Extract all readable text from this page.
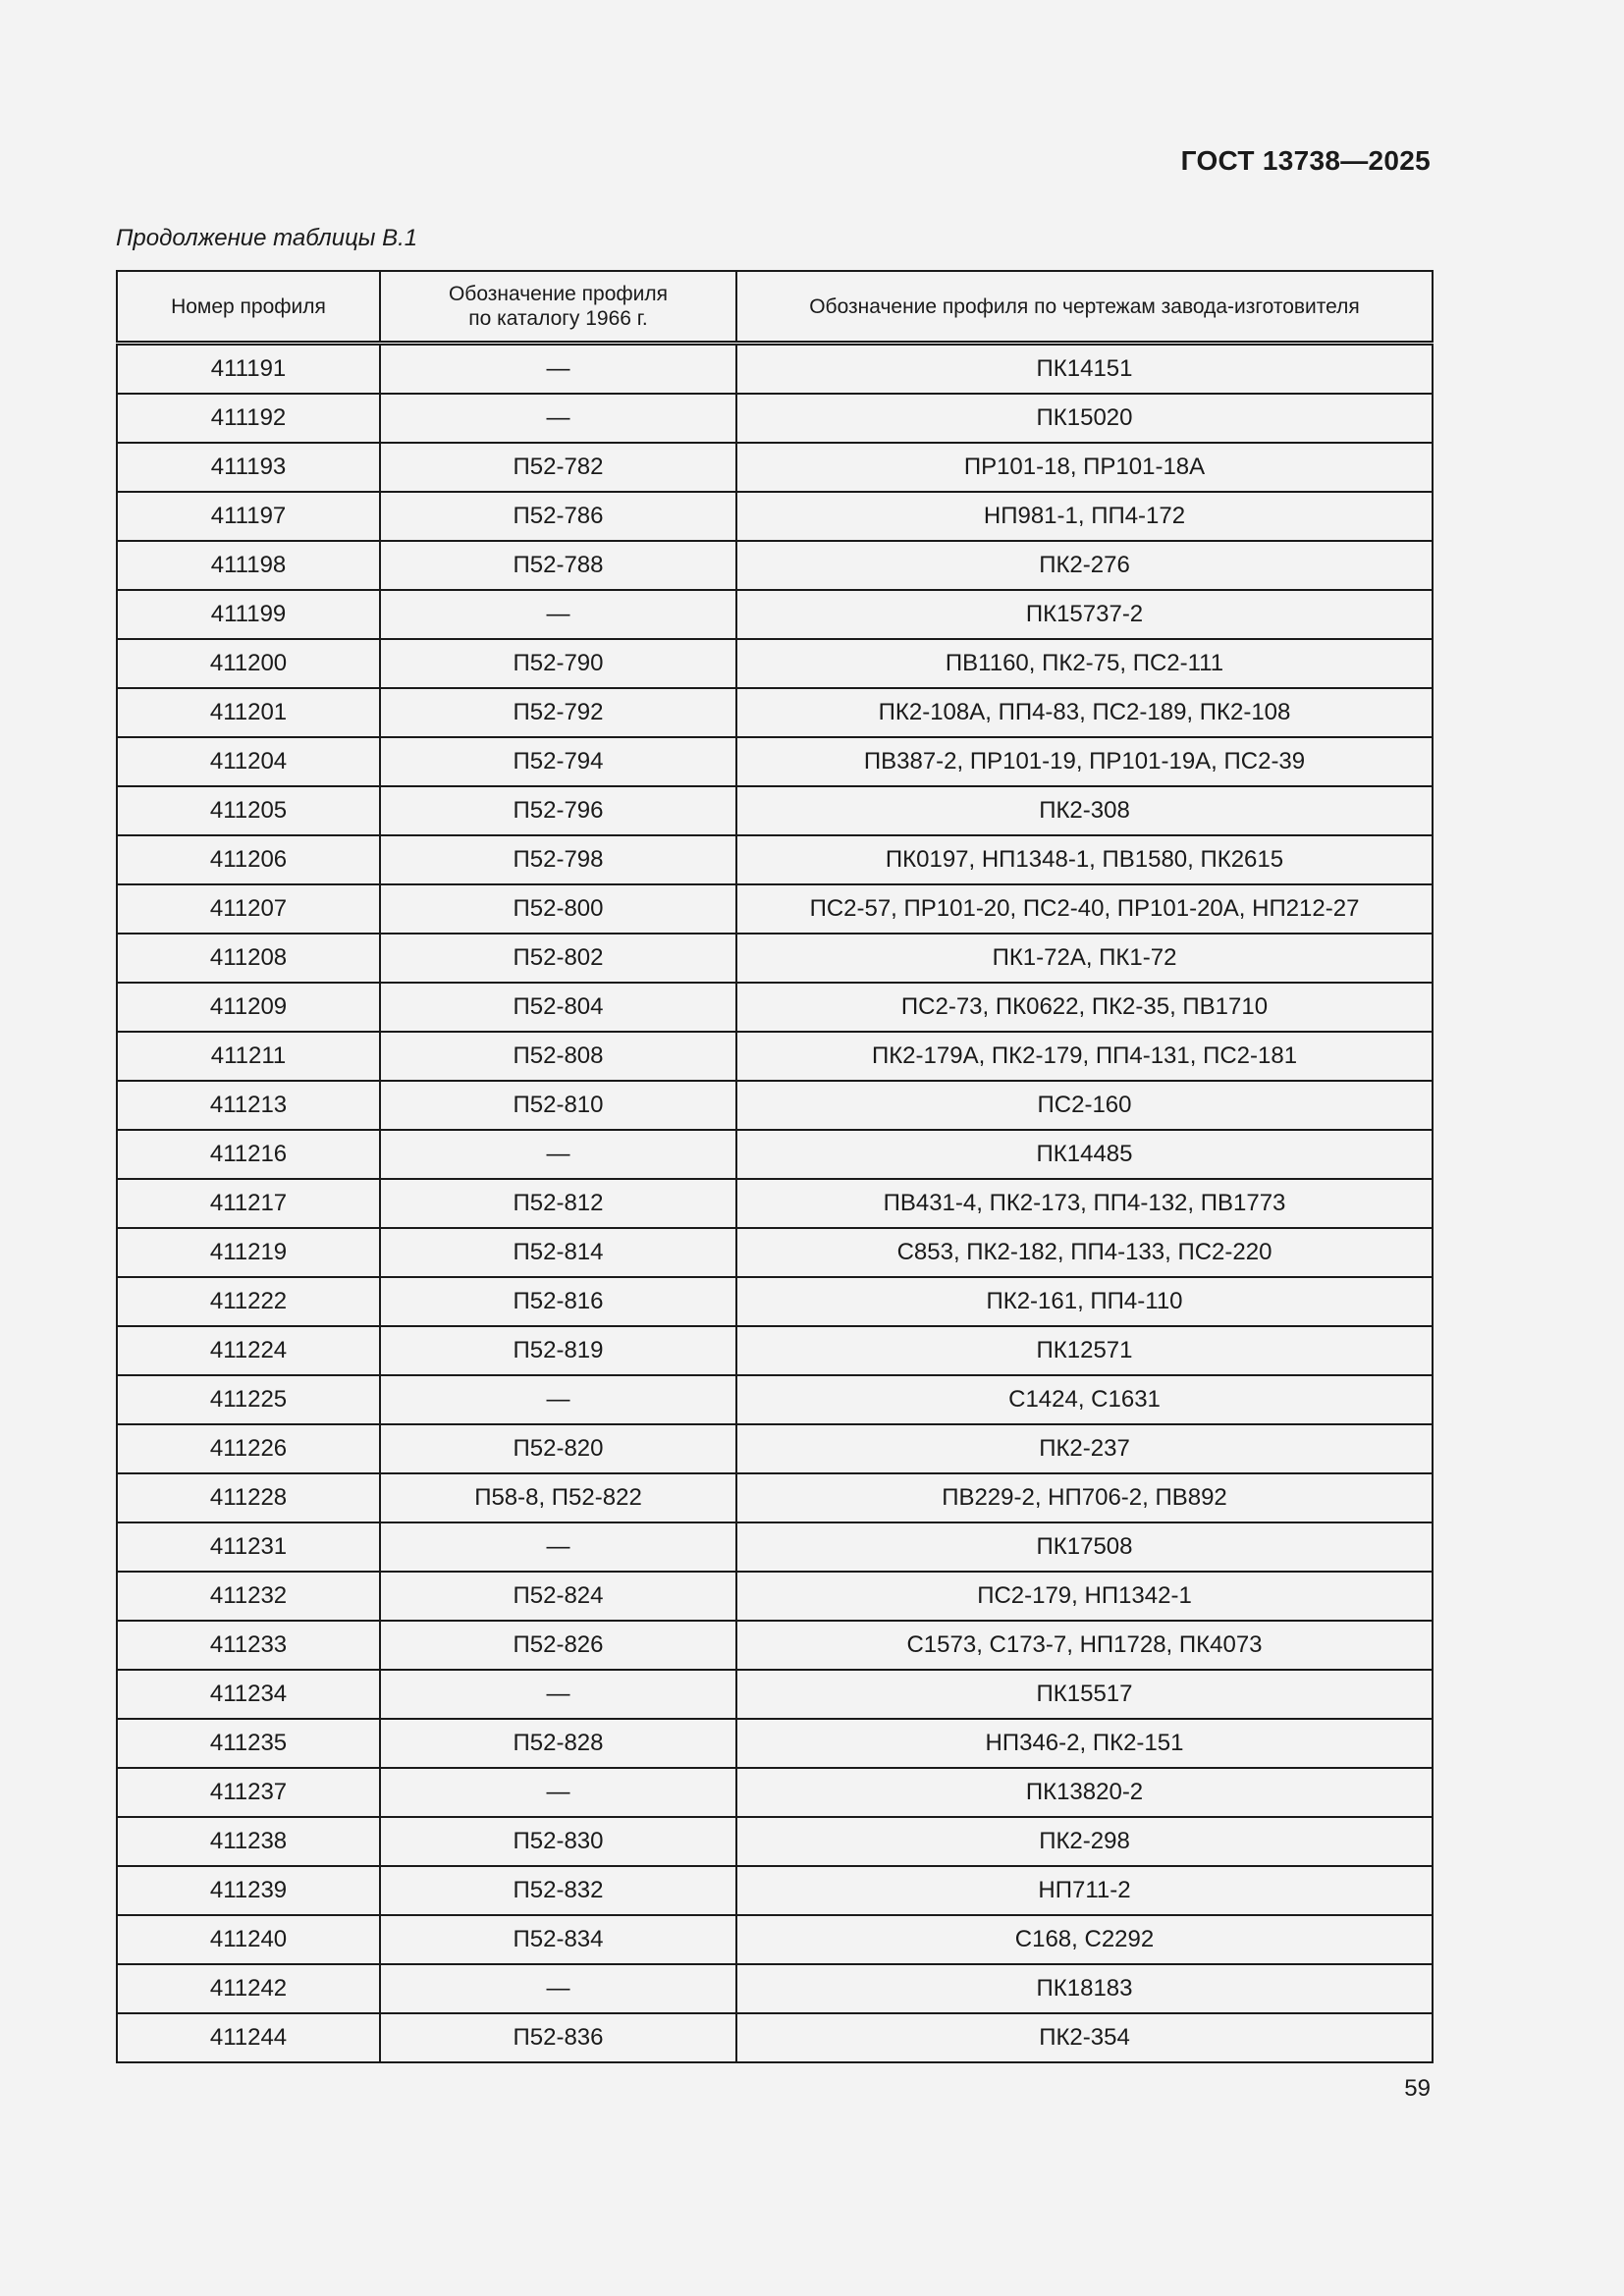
ГОСТ 13738—2025
Продолжение таблицы В.1
Номер профиля	Обозначение профиля по каталогу 1966 г.	Обозначение профиля по чертежам завода-изготовителя
411191	—	ПК14151
411192	—	ПК15020
411193	П52-782	ПР101-18, ПР101-18А
411197	П52-786	НП981-1, ПП4-172
411198	П52-788	ПК2-276
411199	—	ПК15737-2
411200	П52-790	ПВ1160, ПК2-75, ПС2-111
411201	П52-792	ПК2-108А, ПП4-83, ПС2-189, ПК2-108
411204	П52-794	ПВ387-2, ПР101-19, ПР101-19А, ПС2-39
411205	П52-796	ПК2-308
411206	П52-798	ПК0197, НП1348-1, ПВ1580, ПК2615
411207	П52-800	ПС2-57, ПР101-20, ПС2-40, ПР101-20А, НП212-27
411208	П52-802	ПК1-72А, ПК1-72
411209	П52-804	ПС2-73, ПК0622, ПК2-35, ПВ1710
411211	П52-808	ПК2-179А, ПК2-179, ПП4-131, ПС2-181
411213	П52-810	ПС2-160
411216	—	ПК14485
411217	П52-812	ПВ431-4, ПК2-173, ПП4-132, ПВ1773
411219	П52-814	С853, ПК2-182, ПП4-133, ПС2-220
411222	П52-816	ПК2-161, ПП4-110
411224	П52-819	ПК12571
411225	—	С1424, С1631
411226	П52-820	ПК2-237
411228	П58-8, П52-822	ПВ229-2, НП706-2, ПВ892
411231	—	ПК17508
411232	П52-824	ПС2-179, НП1342-1
411233	П52-826	С1573, С173-7, НП1728, ПК4073
411234	—	ПК15517
411235	П52-828	НП346-2, ПК2-151
411237	—	ПК13820-2
411238	П52-830	ПК2-298
411239	П52-832	НП711-2
411240	П52-834	С168, С2292
411242	—	ПК18183
411244	П52-836	ПК2-354
59
